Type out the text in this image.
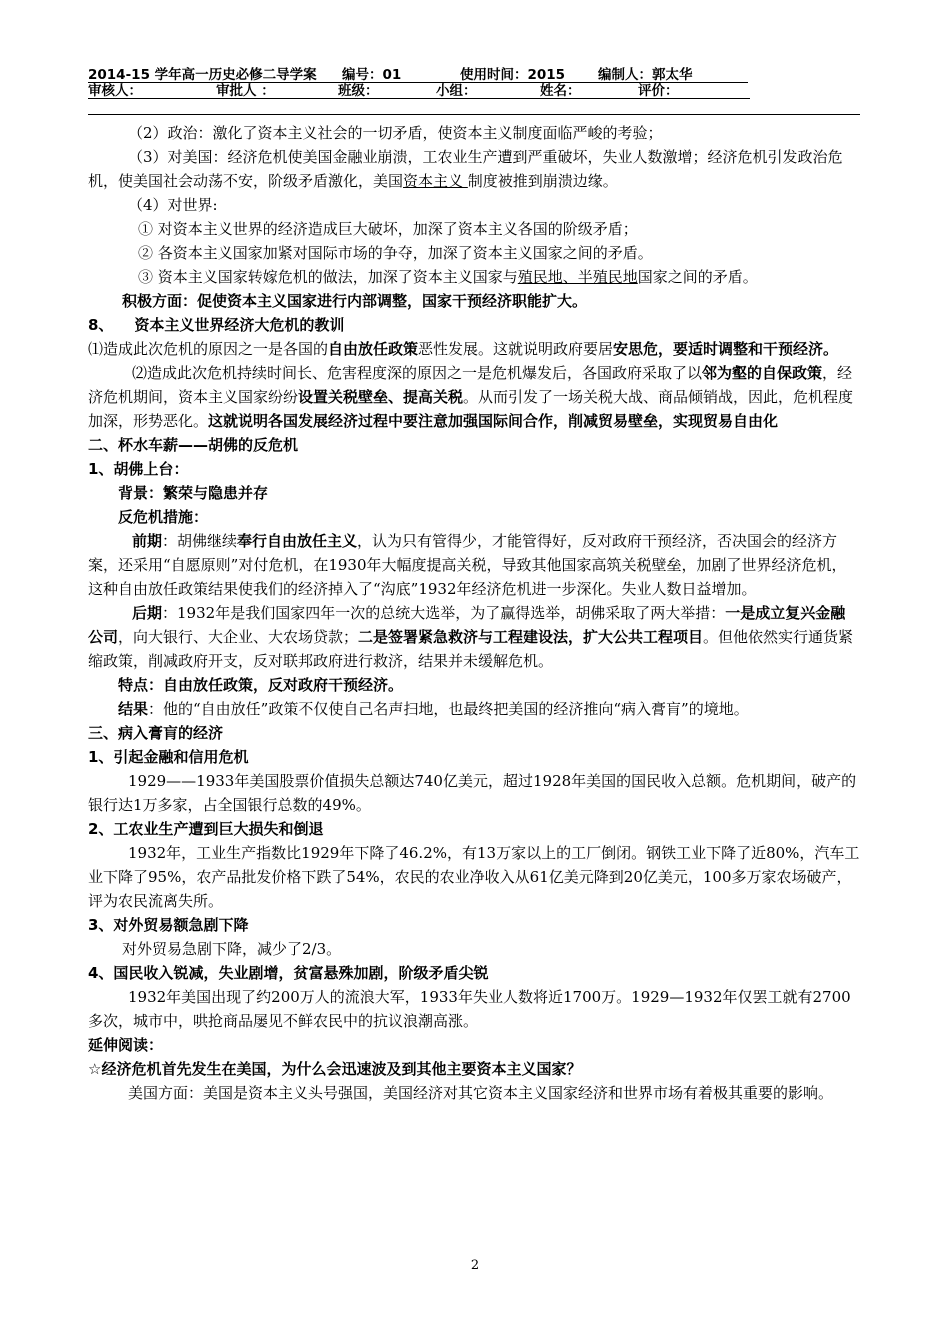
2014-15 学年高一历史必修二导学案 编号：01	使用时间：2015 编制人：郭太华
审核人：	审批人 ：	班级：	小组：	姓名：	评价：

（2）政治：激化了资本主义社会的一切矛盾，使资本主义制度面临严峻的考验；

（3）对美国：经济危机使美国金融业崩溃，工农业生产遭到严重破坏，失业人数激增；经济危机引发政治危机，使美国社会动荡不安，阶级矛盾激化，美国资本主义 制度被推到崩溃边缘。

（4）对世界:

① 对资本主义世界的经济造成巨大破坏，加深了资本主义各国的阶级矛盾；

② 各资本主义国家加紧对国际市场的争夺，加深了资本主义国家之间的矛盾。

③ 资本主义国家转嫁危机的做法，加深了资本主义国家与殖民地、半殖民地国家之间的矛盾。

积极方面：促使资本主义国家进行内部调整，国家干预经济职能扩大。

8、    资本主义世界经济大危机的教训

⑴造成此次危机的原因之一是各国的自由放任政策恶性发展。这就说明政府要居安思危，要适时调整和干预经济。

⑵造成此次危机持续时间长、危害程度深的原因之一是危机爆发后，各国政府采取了以邻为壑的自保政策，经济危机期间，资本主义国家纷纷设置关税壁垒、提高关税。从而引发了一场关税大战、商品倾销战，因此，危机程度加深，形势恶化。这就说明各国发展经济过程中要注意加强国际间合作，削减贸易壁垒，实现贸易自由化

二、杯水车薪——胡佛的反危机

1、胡佛上台：

背景：繁荣与隐患并存

反危机措施：

前期：胡佛继续奉行自由放任主义，认为只有管得少，才能管得好，反对政府干预经济，否决国会的经济方案，还采用“自愿原则”对付危机，在1930年大幅度提高关税，导致其他国家高筑关税壁垒，加剧了世界经济危机，这种自由放任政策结果使我们的经济掉入了“沟底”1932年经济危机进一步深化。失业人数日益增加。

后期：1932年是我们国家四年一次的总统大选举，为了赢得选举，胡佛采取了两大举措：一是成立复兴金融公司，向大银行、大企业、大农场贷款；二是签署紧急救济与工程建设法，扩大公共工程项目。但他依然实行通货紧缩政策，削减政府开支，反对联邦政府进行救济，结果并未缓解危机。

特点：自由放任政策，反对政府干预经济。

结果：他的“自由放任”政策不仅使自己名声扫地，也最终把美国的经济推向“病入膏肓”的境地。

三、病入膏肓的经济

1、引起金融和信用危机

1929——1933年美国股票价值损失总额达740亿美元，超过1928年美国的国民收入总额。危机期间，破产的银行达1万多家，占全国银行总数的49%。

2、工农业生产遭到巨大损失和倒退

1932年，工业生产指数比1929年下降了46.2%，有13万家以上的工厂倒闭。钢铁工业下降了近80%，汽车工业下降了95%，农产品批发价格下跌了54%，农民的农业净收入从61亿美元降到20亿美元，100多万家农场破产，评为农民流离失所。

3、对外贸易额急剧下降

对外贸易急剧下降，减少了2/3。

4、国民收入锐减，失业剧增，贫富悬殊加剧，阶级矛盾尖锐

1932年美国出现了约200万人的流浪大军，1933年失业人数将近1700万。1929—1932年仅罢工就有2700多次，城市中，哄抢商品屡见不鲜农民中的抗议浪潮高涨。

延伸阅读：

☆经济危机首先发生在美国，为什么会迅速波及到其他主要资本主义国家？

美国方面：美国是资本主义头号强国，美国经济对其它资本主义国家经济和世界市场有着极其重要的影响。

2
